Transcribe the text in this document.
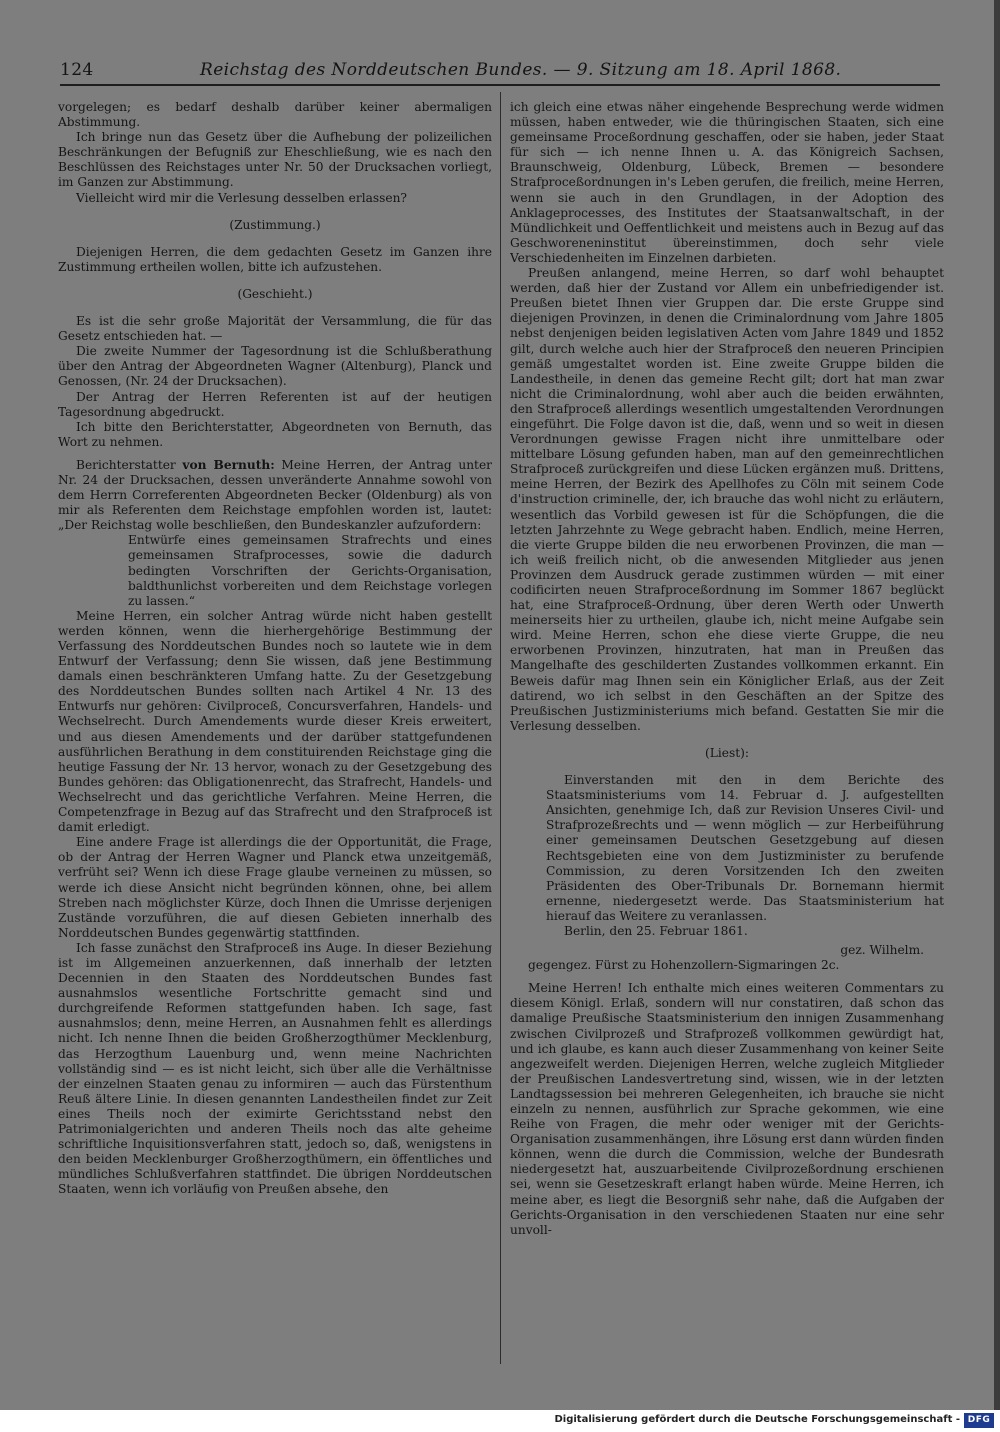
124	Reichstag des Norddeutschen Bundes. — 9. Sitzung am 18. April 1868.

vorgelegen; es bedarf deshalb darüber keiner abermaligen Abstimmung.

Ich bringe nun das Gesetz über die Aufhebung der polizeilichen Beschränkungen der Befugniß zur Eheschließung, wie es nach den Beschlüssen des Reichstages unter Nr. 50 der Drucksachen vorliegt, im Ganzen zur Abstimmung.

Vielleicht wird mir die Verlesung desselben erlassen?

(Zustimmung.)

Diejenigen Herren, die dem gedachten Gesetz im Ganzen ihre Zustimmung ertheilen wollen, bitte ich aufzustehen.

(Geschieht.)

Es ist die sehr große Majorität der Versammlung, die für das Gesetz entschieden hat. —

Die zweite Nummer der Tagesordnung ist die Schlußberathung über den Antrag der Abgeordneten Wagner (Altenburg), Planck und Genossen, (Nr. 24 der Drucksachen).

Der Antrag der Herren Referenten ist auf der heutigen Tagesordnung abgedruckt.

Ich bitte den Berichterstatter, Abgeordneten von Bernuth, das Wort zu nehmen.

Berichterstatter von Bernuth: Meine Herren, der Antrag unter Nr. 24 der Drucksachen, dessen unveränderte Annahme sowohl von dem Herrn Correferenten Abgeordneten Becker (Oldenburg) als von mir als Referenten dem Reichstage empfohlen worden ist, lautet: „Der Reichstag wolle beschließen, den Bundeskanzler aufzufordern:

Entwürfe eines gemeinsamen Strafrechts und eines gemeinsamen Strafprocesses, sowie die dadurch bedingten Vorschriften der Gerichts-Organisation, baldthunlichst vorbereiten und dem Reichstage vorlegen zu lassen.“

Meine Herren, ein solcher Antrag würde nicht haben gestellt werden können, wenn die hierhergehörige Bestimmung der Verfassung des Norddeutschen Bundes noch so lautete wie in dem Entwurf der Verfassung; denn Sie wissen, daß jene Bestimmung damals einen beschränkteren Umfang hatte. Zu der Gesetzgebung des Norddeutschen Bundes sollten nach Artikel 4 Nr. 13 des Entwurfs nur gehören: Civilproceß, Concursverfahren, Handels- und Wechselrecht. Durch Amendements wurde dieser Kreis erweitert, und aus diesen Amendements und der darüber stattgefundenen ausführlichen Berathung in dem constituirenden Reichstage ging die heutige Fassung der Nr. 13 hervor, wonach zu der Gesetzgebung des Bundes gehören: das Obligationenrecht, das Strafrecht, Handels- und Wechselrecht und das gerichtliche Verfahren. Meine Herren, die Competenzfrage in Bezug auf das Strafrecht und den Strafproceß ist damit erledigt.

Eine andere Frage ist allerdings die der Opportunität, die Frage, ob der Antrag der Herren Wagner und Planck etwa unzeitgemäß, verfrüht sei? Wenn ich diese Frage glaube verneinen zu müssen, so werde ich diese Ansicht nicht begründen können, ohne, bei allem Streben nach möglichster Kürze, doch Ihnen die Umrisse derjenigen Zustände vorzuführen, die auf diesen Gebieten innerhalb des Norddeutschen Bundes gegenwärtig stattfinden.

Ich fasse zunächst den Strafproceß ins Auge. In dieser Beziehung ist im Allgemeinen anzuerkennen, daß innerhalb der letzten Decennien in den Staaten des Norddeutschen Bundes fast ausnahmslos wesentliche Fortschritte gemacht sind und durchgreifende Reformen stattgefunden haben. Ich sage, fast ausnahmslos; denn, meine Herren, an Ausnahmen fehlt es allerdings nicht. Ich nenne Ihnen die beiden Großherzogthümer Mecklenburg, das Herzogthum Lauenburg und, wenn meine Nachrichten vollständig sind — es ist nicht leicht, sich über alle die Verhältnisse der einzelnen Staaten genau zu informiren — auch das Fürstenthum Reuß ältere Linie. In diesen genannten Landestheilen findet zur Zeit eines Theils noch der eximirte Gerichtsstand nebst den Patrimonialgerichten und anderen Theils noch das alte geheime schriftliche Inquisitionsverfahren statt, jedoch so, daß, wenigstens in den beiden Mecklenburger Großherzogthümern, ein öffentliches und mündliches Schlußverfahren stattfindet. Die übrigen Norddeutschen Staaten, wenn ich vorläufig von Preußen absehe, den

ich gleich eine etwas näher eingehende Besprechung werde widmen müssen, haben entweder, wie die thüringischen Staaten, sich eine gemeinsame Proceßordnung geschaffen, oder sie haben, jeder Staat für sich — ich nenne Ihnen u. A. das Königreich Sachsen, Braunschweig, Oldenburg, Lübeck, Bremen — besondere Strafproceßordnungen in's Leben gerufen, die freilich, meine Herren, wenn sie auch in den Grundlagen, in der Adoption des Anklageprocesses, des Institutes der Staatsanwaltschaft, in der Mündlichkeit und Oeffentlichkeit und meistens auch in Bezug auf das Geschworeneninstitut übereinstimmen, doch sehr viele Verschiedenheiten im Einzelnen darbieten.

Preußen anlangend, meine Herren, so darf wohl behauptet werden, daß hier der Zustand vor Allem ein unbefriedigender ist. Preußen bietet Ihnen vier Gruppen dar. Die erste Gruppe sind diejenigen Provinzen, in denen die Criminalordnung vom Jahre 1805 nebst denjenigen beiden legislativen Acten vom Jahre 1849 und 1852 gilt, durch welche auch hier der Strafproceß den neueren Principien gemäß umgestaltet worden ist. Eine zweite Gruppe bilden die Landestheile, in denen das gemeine Recht gilt; dort hat man zwar nicht die Criminalordnung, wohl aber auch die beiden erwähnten, den Strafproceß allerdings wesentlich umgestaltenden Verordnungen eingeführt. Die Folge davon ist die, daß, wenn und so weit in diesen Verordnungen gewisse Fragen nicht ihre unmittelbare oder mittelbare Lösung gefunden haben, man auf den gemeinrechtlichen Strafproceß zurückgreifen und diese Lücken ergänzen muß. Drittens, meine Herren, der Bezirk des Apellhofes zu Cöln mit seinem Code d'instruction criminelle, der, ich brauche das wohl nicht zu erläutern, wesentlich das Vorbild gewesen ist für die Schöpfungen, die die letzten Jahrzehnte zu Wege gebracht haben. Endlich, meine Herren, die vierte Gruppe bilden die neu erworbenen Provinzen, die man — ich weiß freilich nicht, ob die anwesenden Mitglieder aus jenen Provinzen dem Ausdruck gerade zustimmen würden — mit einer codificirten neuen Strafproceßordnung im Sommer 1867 beglückt hat, eine Strafproceß-Ordnung, über deren Werth oder Unwerth meinerseits hier zu urtheilen, glaube ich, nicht meine Aufgabe sein wird. Meine Herren, schon ehe diese vierte Gruppe, die neu erworbenen Provinzen, hinzutraten, hat man in Preußen das Mangelhafte des geschilderten Zustandes vollkommen erkannt. Ein Beweis dafür mag Ihnen sein ein Königlicher Erlaß, aus der Zeit datirend, wo ich selbst in den Geschäften an der Spitze des Preußischen Justizministeriums mich befand. Gestatten Sie mir die Verlesung desselben.

(Liest):

Einverstanden mit den in dem Berichte des Staatsministeriums vom 14. Februar d. J. aufgestellten Ansichten, genehmige Ich, daß zur Revision Unseres Civil- und Strafprozeßrechts und — wenn möglich — zur Herbeiführung einer gemeinsamen Deutschen Gesetzgebung auf diesen Rechtsgebieten eine von dem Justizminister zu berufende Commission, zu deren Vorsitzenden Ich den zweiten Präsidenten des Ober-Tribunals Dr. Bornemann hiermit ernenne, niedergesetzt werde. Das Staatsministerium hat hierauf das Weitere zu veranlassen.

Berlin, den 25. Februar 1861.

gez. Wilhelm.

gegengez. Fürst zu Hohenzollern-Sigmaringen 2c.

Meine Herren! Ich enthalte mich eines weiteren Commentars zu diesem Königl. Erlaß, sondern will nur constatiren, daß schon das damalige Preußische Staatsministerium den innigen Zusammenhang zwischen Civilprozeß und Strafprozeß vollkommen gewürdigt hat, und ich glaube, es kann auch dieser Zusammenhang von keiner Seite angezweifelt werden. Diejenigen Herren, welche zugleich Mitglieder der Preußischen Landesvertretung sind, wissen, wie in der letzten Landtagssession bei mehreren Gelegenheiten, ich brauche sie nicht einzeln zu nennen, ausführlich zur Sprache gekommen, wie eine Reihe von Fragen, die mehr oder weniger mit der Gerichts-Organisation zusammenhängen, ihre Lösung erst dann würden finden können, wenn die durch die Commission, welche der Bundesrath niedergesetzt hat, auszuarbeitende Civilprozeßordnung erschienen sei, wenn sie Gesetzeskraft erlangt haben würde. Meine Herren, ich meine aber, es liegt die Besorgniß sehr nahe, daß die Aufgaben der Gerichts-Organisation in den verschiedenen Staaten nur eine sehr unvoll-

Digitalisierung gefördert durch die Deutsche Forschungsgemeinschaft - DFG
